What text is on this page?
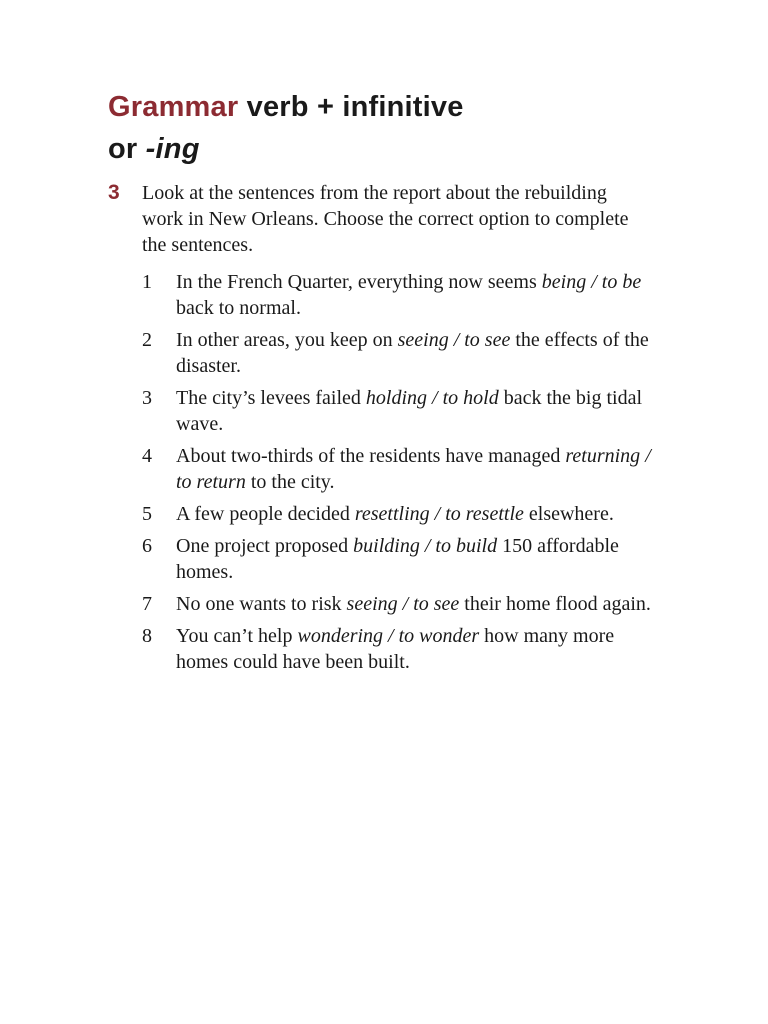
Grammar verb + infinitive
or -ing
3 Look at the sentences from the report about the rebuilding work in New Orleans. Choose the correct option to complete the sentences.
1	In the French Quarter, everything now seems being / to be back to normal.
2	In other areas, you keep on seeing / to see the effects of the disaster.
3	The city’s levees failed holding / to hold back the big tidal wave.
4	About two-thirds of the residents have managed returning / to return to the city.
5	A few people decided resettling / to resettle elsewhere.
6	One project proposed building / to build 150 affordable homes.
7	No one wants to risk seeing / to see their home flood again.
8	You can’t help wondering / to wonder how many more homes could have been built.
